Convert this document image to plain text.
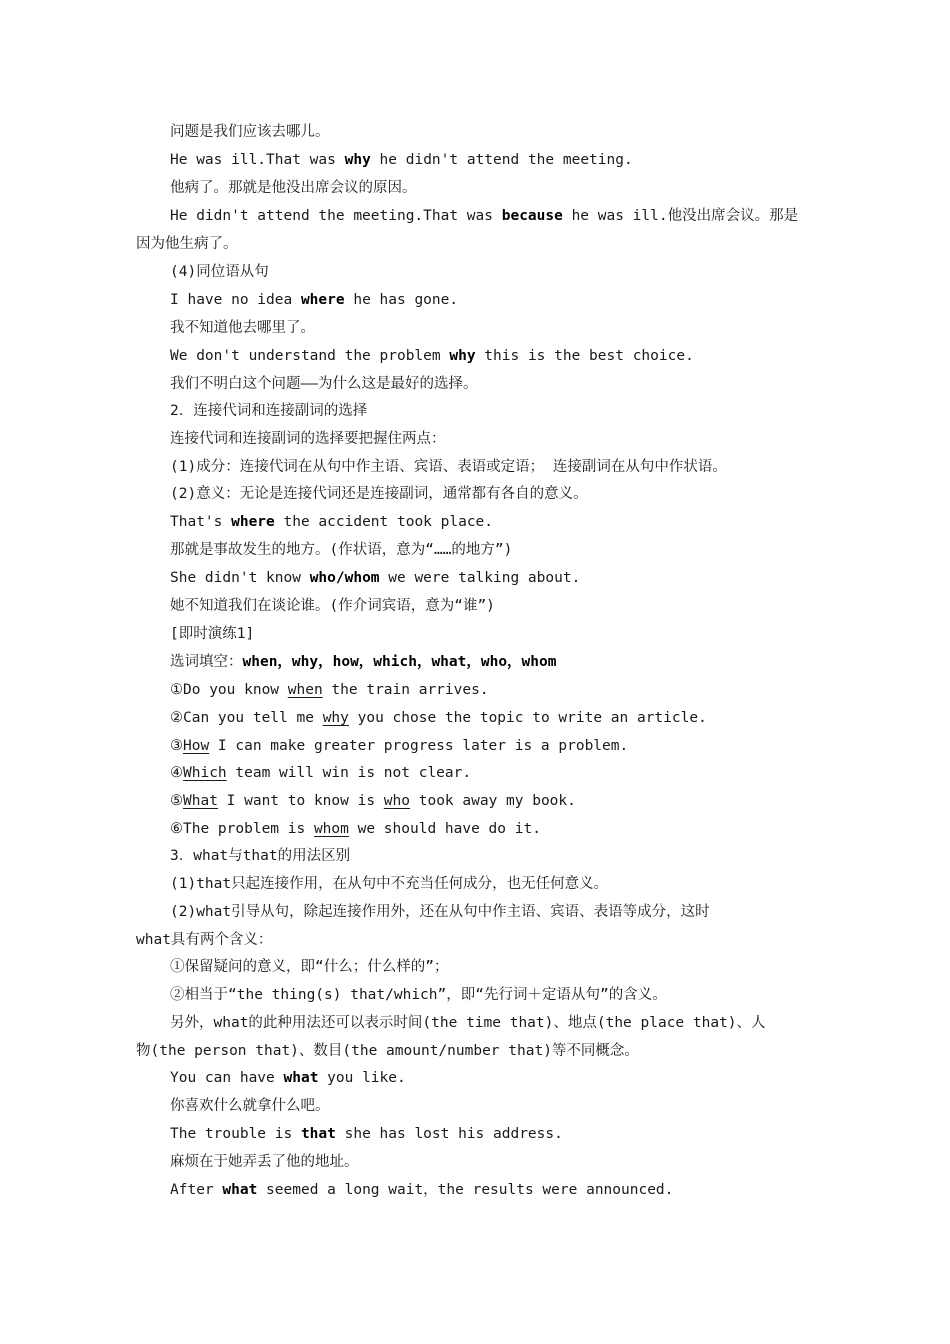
问题是我们应该去哪儿。
He was ill.That was why he didn't attend the meeting.
他病了。那就是他没出席会议的原因。
He didn't attend the meeting.That was because he was ill.他没出席会议。那是
因为他生病了。
(4)同位语从句
I have no idea where he has gone.
我不知道他去哪里了。
We don't understand the problem why this is the best choice.
我们不明白这个问题——为什么这是最好的选择。
2．连接代词和连接副词的选择
连接代词和连接副词的选择要把握住两点：
(1)成分：连接代词在从句中作主语、宾语、表语或定语； 连接副词在从句中作状语。
(2)意义：无论是连接代词还是连接副词，通常都有各自的意义。
That's where the accident took place.
那就是事故发生的地方。(作状语，意为“……的地方”)
She didn't know who/whom we were talking about.
她不知道我们在谈论谁。(作介词宾语，意为“谁”)
[即时演练1]
选词填空：when，why，how，which，what，who，whom
①Do you know when the train arrives.
②Can you tell me why you chose the topic to write an article.
③How I can make greater progress later is a problem.
④Which team will win is not clear.
⑤What I want to know is who took away my book.
⑥The problem is whom we should have do it.
3．what与that的用法区别
(1)that只起连接作用，在从句中不充当任何成分，也无任何意义。
(2)what引导从句，除起连接作用外，还在从句中作主语、宾语、表语等成分，这时
what具有两个含义：
①保留疑问的意义，即“什么；什么样的”；
②相当于“the thing(s) that/which”，即“先行词＋定语从句”的含义。
另外，what的此种用法还可以表示时间(the time that)、地点(the place that)、人
物(the person that)、数目(the amount/number that)等不同概念。
You can have what you like.
你喜欢什么就拿什么吧。
The trouble is that she has lost his address.
麻烦在于她弄丢了他的地址。
After what seemed a long wait，the results were announced.
